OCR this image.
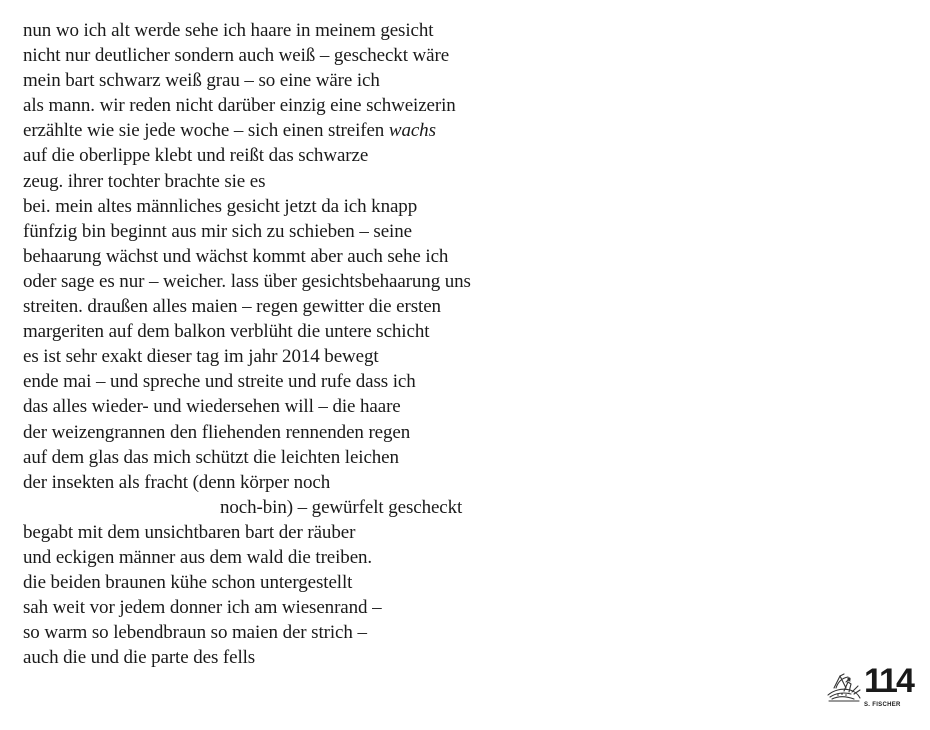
nun wo ich alt werde sehe ich haare in meinem gesicht
nicht nur deutlicher sondern auch weiß – gescheckt wäre
mein bart schwarz weiß grau – so eine wäre ich
als mann. wir reden nicht darüber einzig eine schweizerin
erzählte wie sie jede woche – sich einen streifen wachs
auf die oberlippe klebt und reißt das schwarze
zeug. ihrer tochter brachte sie es
bei. mein altes männliches gesicht jetzt da ich knapp
fünfzig bin beginnt aus mir sich zu schieben – seine
behaarung wächst und wächst kommt aber auch sehe ich
oder sage es nur – weicher. lass über gesichtsbehaarung uns
streiten. draußen alles maien – regen gewitter die ersten
margeriten auf dem balkon verblüht die untere schicht
es ist sehr exakt dieser tag im jahr 2014 bewegt
ende mai – und spreche und streite und rufe dass ich
das alles wieder- und wiedersehen will – die haare
der weizengrannen den fliehenden rennenden regen
auf dem glas das mich schützt die leichten leichen
der insekten als fracht (denn körper noch
noch-bin) – gewürfelt gescheckt
begabt mit dem unsichtbaren bart der räuber
und eckigen männer aus dem wald die treiben.
die beiden braunen kühe schon untergestellt
sah weit vor jedem donner ich am wiesenrand –
so warm so lebendbraun so maien der strich –
auch die und die parte des fells
114
S. FISCHER
